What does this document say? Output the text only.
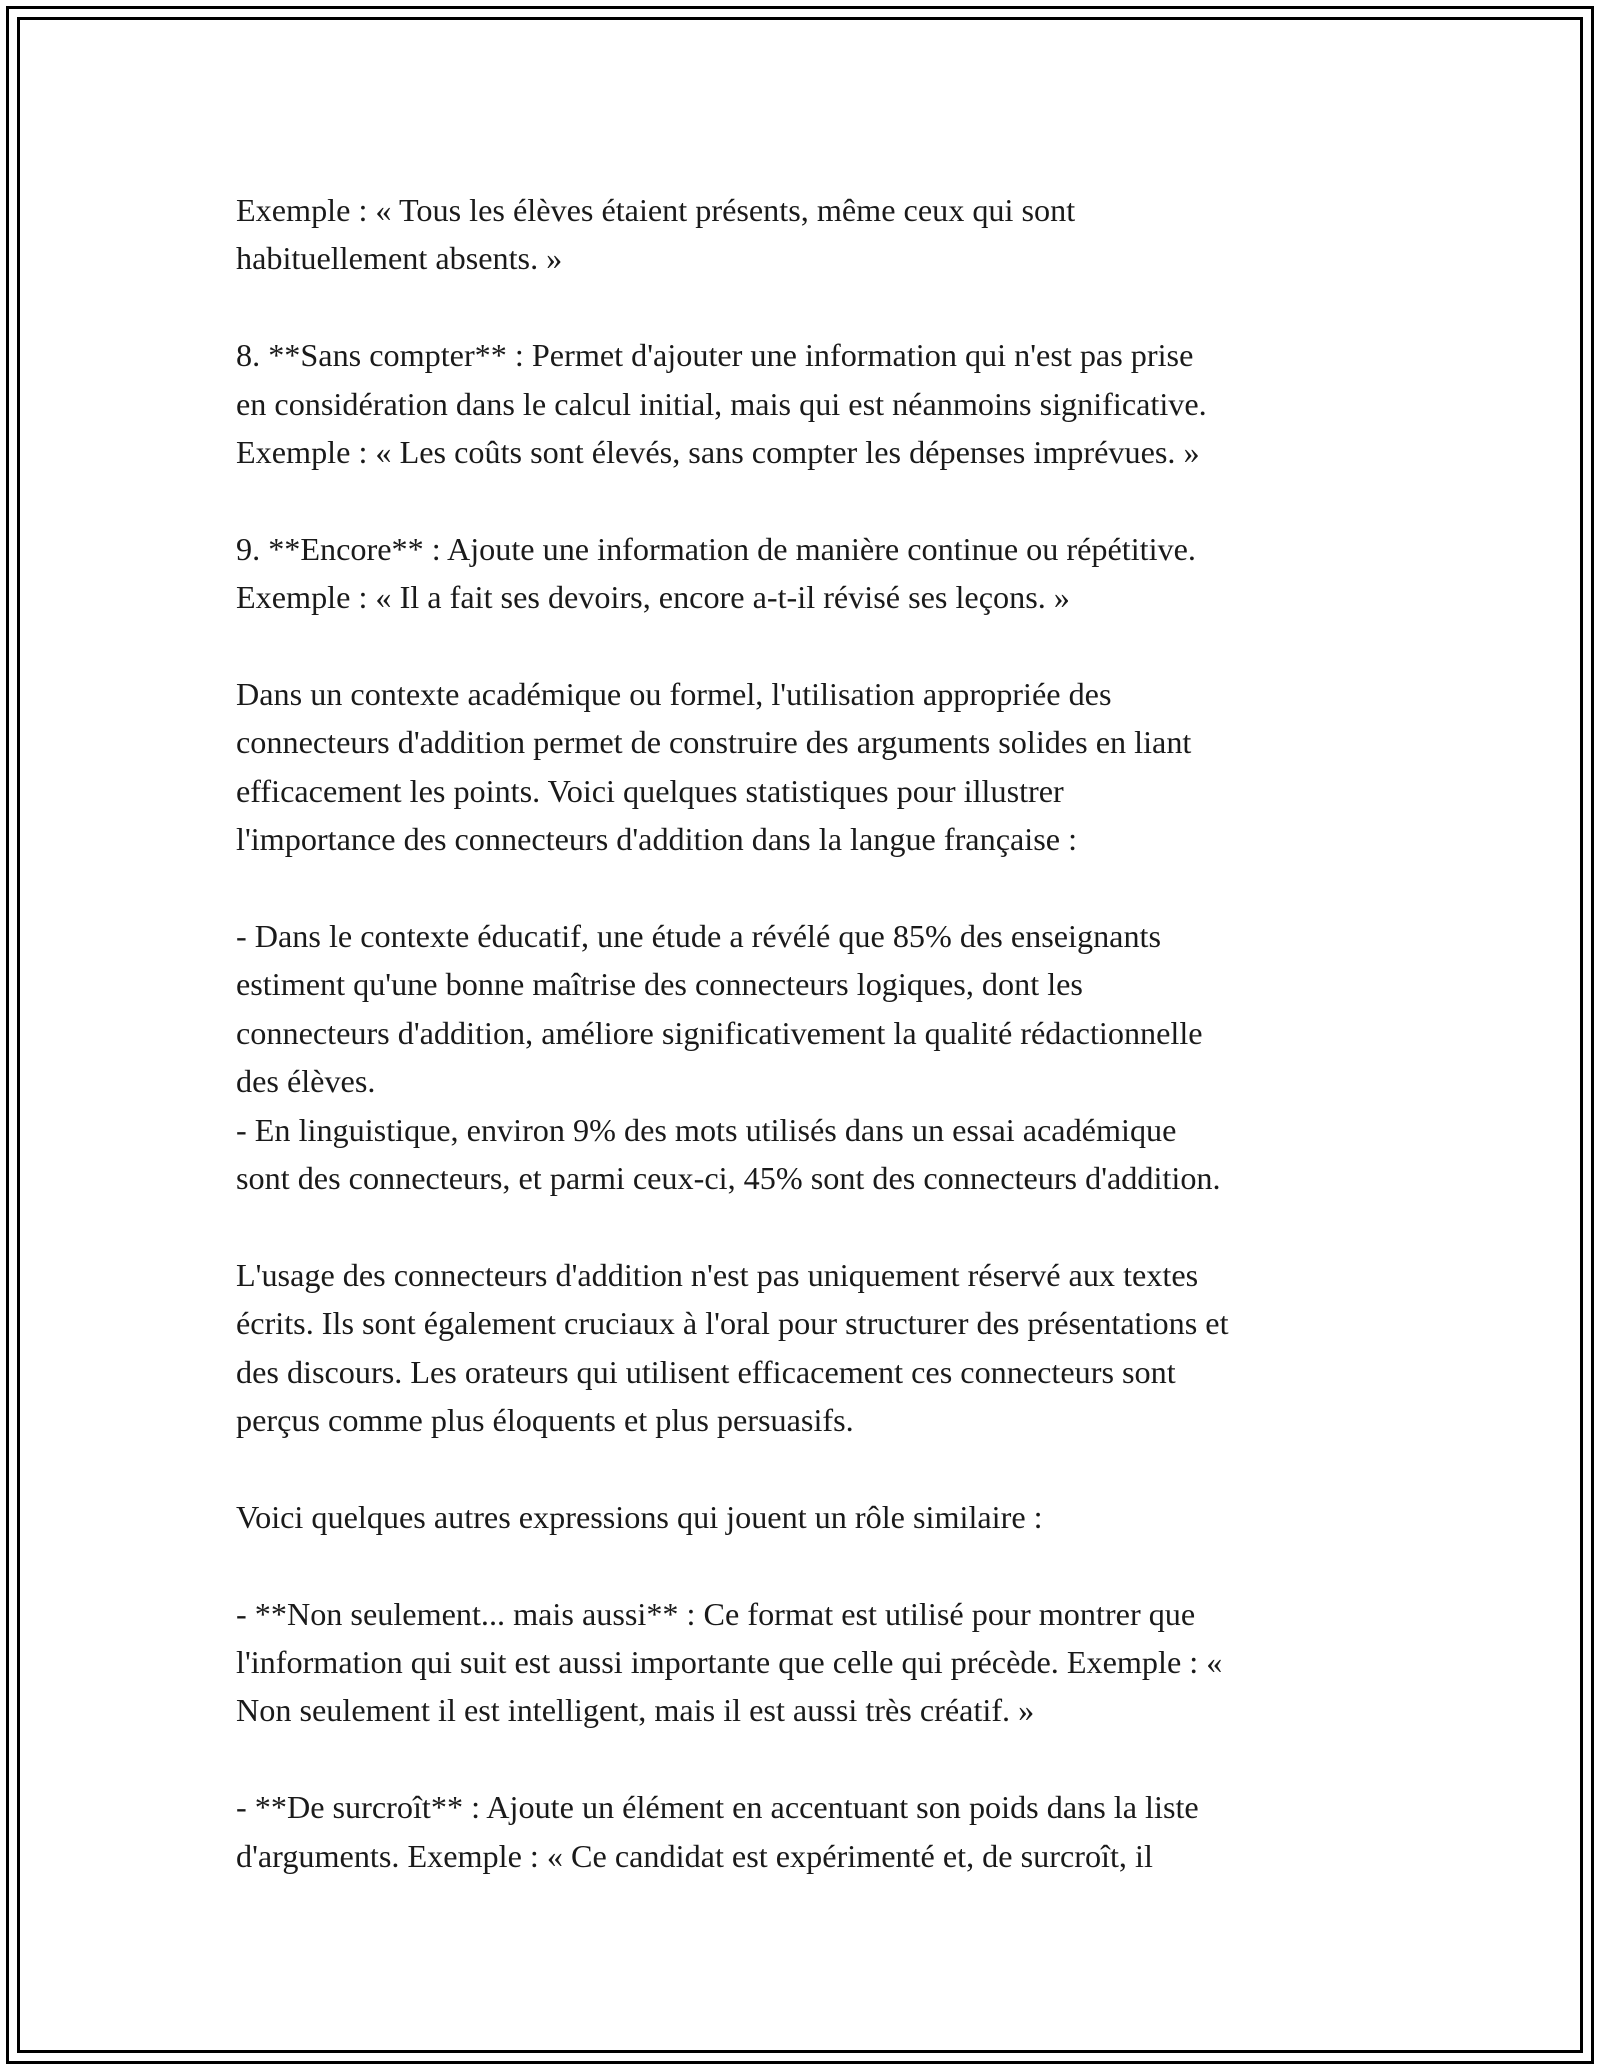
Exemple : « Tous les élèves étaient présents, même ceux qui sont
habituellement absents. »

8. **Sans compter** : Permet d'ajouter une information qui n'est pas prise
en considération dans le calcul initial, mais qui est néanmoins significative.
Exemple : « Les coûts sont élevés, sans compter les dépenses imprévues. »

9. **Encore** : Ajoute une information de manière continue ou répétitive.
Exemple : « Il a fait ses devoirs, encore a-t-il révisé ses leçons. »

Dans un contexte académique ou formel, l'utilisation appropriée des
connecteurs d'addition permet de construire des arguments solides en liant
efficacement les points. Voici quelques statistiques pour illustrer
l'importance des connecteurs d'addition dans la langue française :

- Dans le contexte éducatif, une étude a révélé que 85% des enseignants
estiment qu'une bonne maîtrise des connecteurs logiques, dont les
connecteurs d'addition, améliore significativement la qualité rédactionnelle
des élèves.
- En linguistique, environ 9% des mots utilisés dans un essai académique
sont des connecteurs, et parmi ceux-ci, 45% sont des connecteurs d'addition.

L'usage des connecteurs d'addition n'est pas uniquement réservé aux textes
écrits. Ils sont également cruciaux à l'oral pour structurer des présentations et
des discours. Les orateurs qui utilisent efficacement ces connecteurs sont
perçus comme plus éloquents et plus persuasifs.

Voici quelques autres expressions qui jouent un rôle similaire :

- **Non seulement... mais aussi** : Ce format est utilisé pour montrer que
l'information qui suit est aussi importante que celle qui précède. Exemple : «
Non seulement il est intelligent, mais il est aussi très créatif. »

- **De surcroît** : Ajoute un élément en accentuant son poids dans la liste
d'arguments. Exemple : « Ce candidat est expérimenté et, de surcroît, il
